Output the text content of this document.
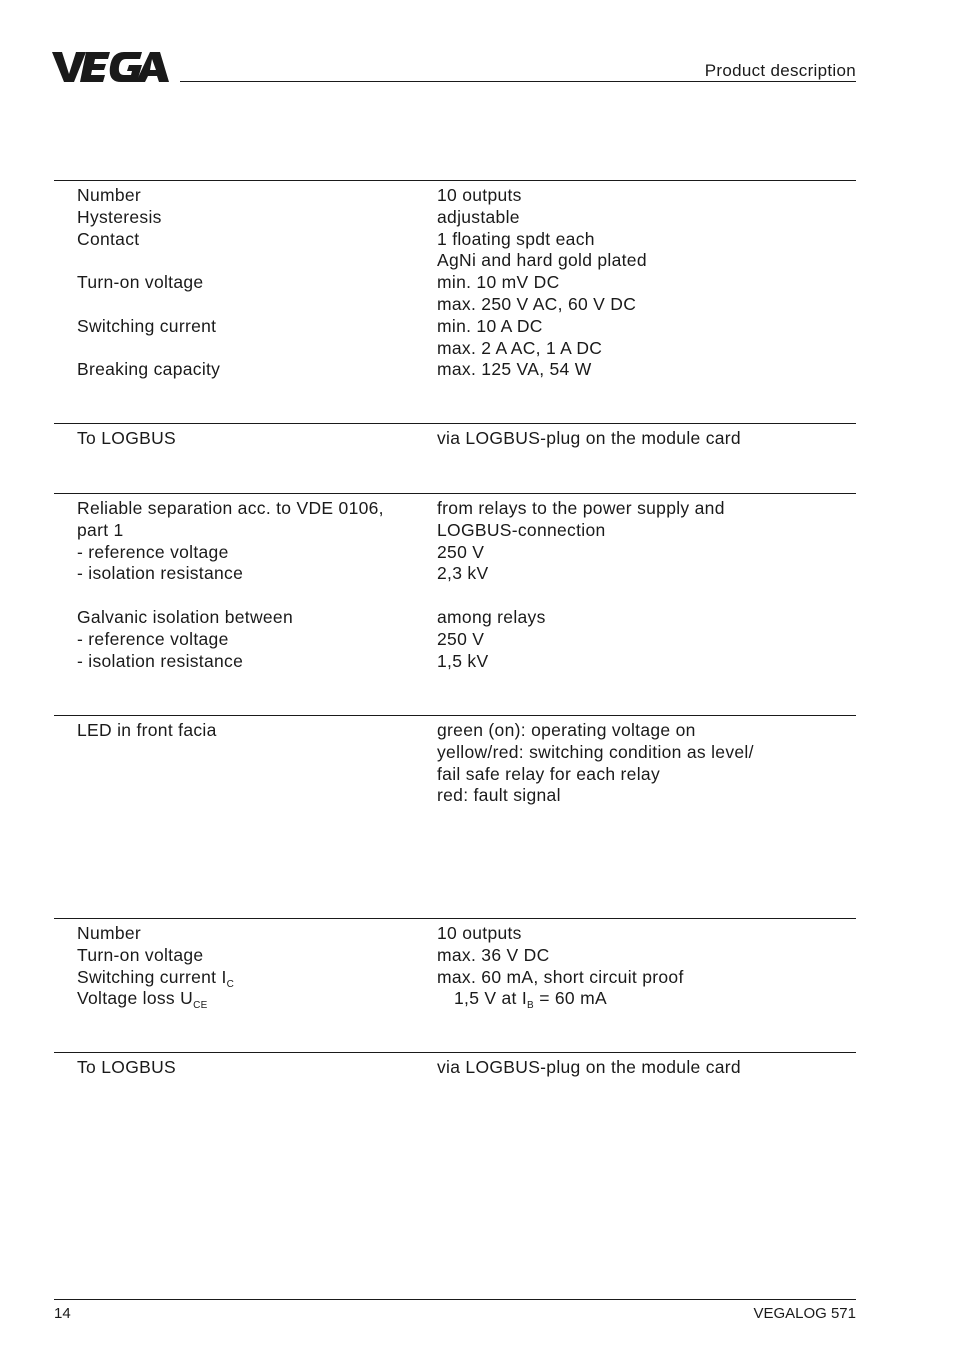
Product description
Number	10 outputs
Hysteresis	adjustable
Contact	1 floating spdt each
AgNi and hard gold plated
Turn-on voltage	min. 10 mV DC
max. 250 V AC, 60 V DC
Switching current	min. 10 A DC
max. 2 A AC, 1 A DC
Breaking capacity	max. 125 VA, 54 W
To LOGBUS	via LOGBUS-plug on the module card
Reliable separation acc. to VDE 0106,	from relays to the power supply and
part 1	LOGBUS-connection
- reference voltage	250 V
- isolation resistance	2,3 kV
Galvanic isolation between	among relays
- reference voltage	250 V
- isolation resistance	1,5 kV
LED in front facia	green (on): operating voltage on
yellow/red: switching condition as level/
fail safe relay for each relay
red: fault signal
Number	10 outputs
Turn-on voltage	max. 36 V DC
Switching current $I_C$	max. 60 mA, short circuit proof
Voltage loss $U_{CE}$	1,5 V at $I_B = 60$ mA
To LOGBUS	via LOGBUS-plug on the module card
14	VEGALOG 571
